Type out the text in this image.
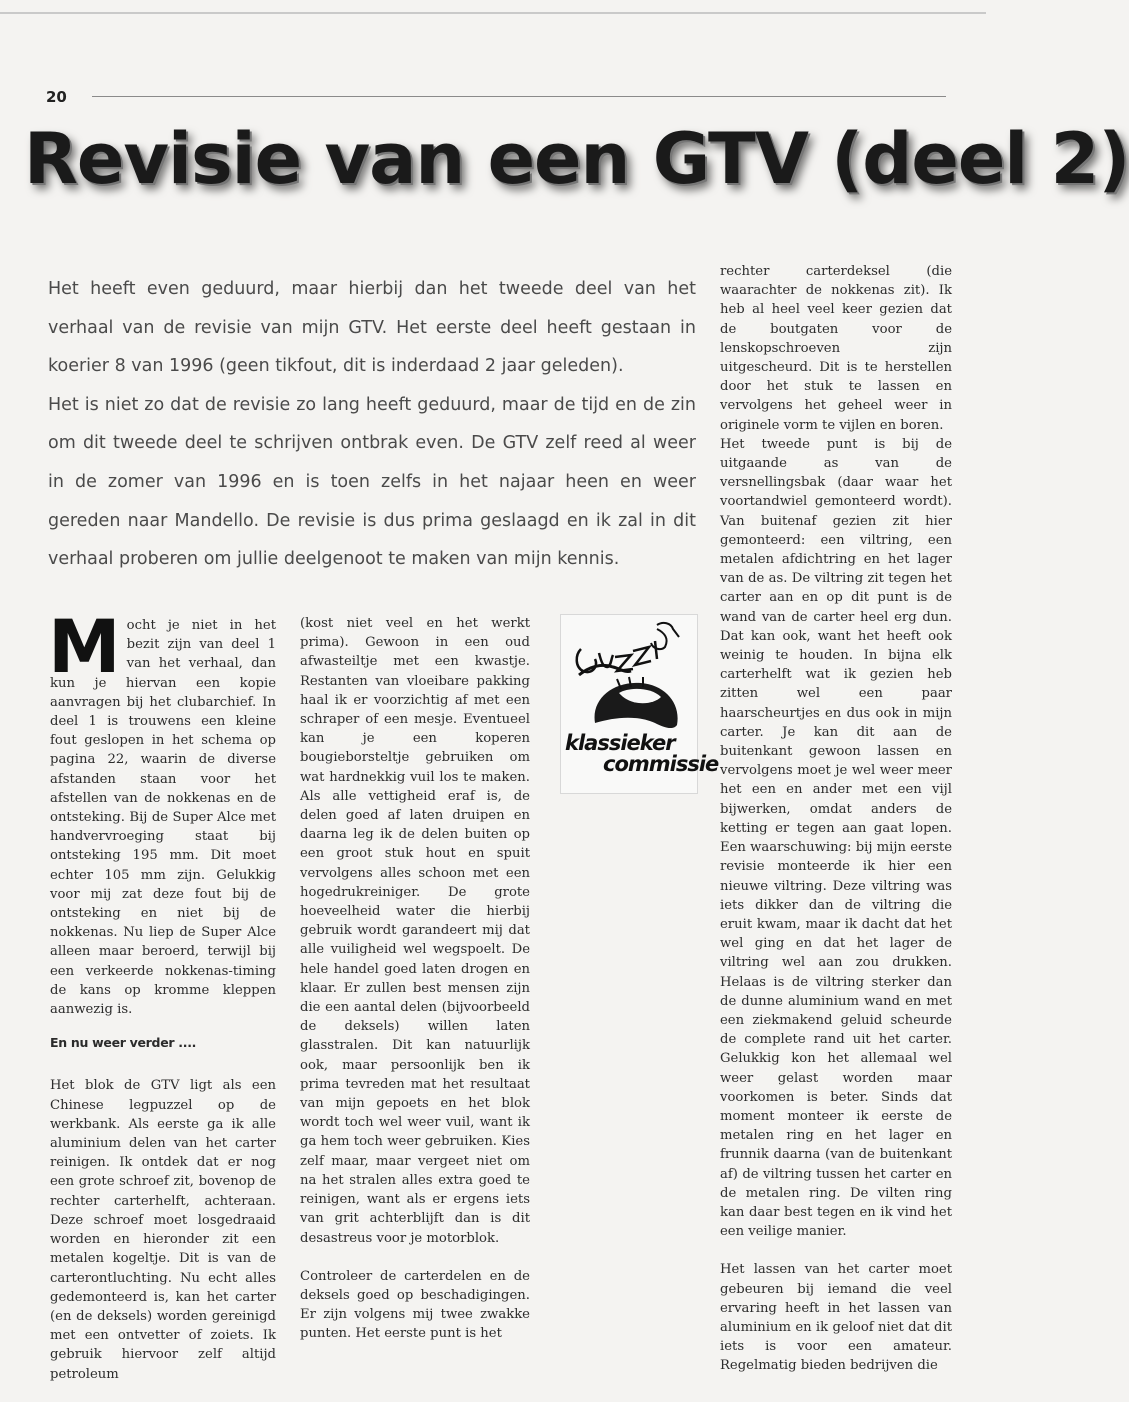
20
Revisie van een GTV (deel 2)

Het heeft even geduurd, maar hierbij dan het tweede deel van het verhaal van de revisie van mijn GTV. Het eerste deel heeft gestaan in koerier 8 van 1996 (geen tikfout, dit is inderdaad 2 jaar geleden).

Het is niet zo dat de revisie zo lang heeft geduurd, maar de tijd en de zin om dit tweede deel te schrijven ontbrak even. De GTV zelf reed al weer in de zomer van 1996 en is toen zelfs in het najaar heen en weer gereden naar Mandello. De revisie is dus prima geslaagd en ik zal in dit verhaal proberen om jullie deelgenoot te maken van mijn kennis.

Mocht je niet in het bezit zijn van deel 1 van het verhaal, dan kun je hiervan een kopie aanvragen bij het clubarchief. In deel 1 is trouwens een kleine fout geslopen in het schema op pagina 22, waarin de diverse afstanden staan voor het afstellen van de nokkenas en de ontsteking. Bij de Super Alce met handvervroeging staat bij ontsteking 195 mm. Dit moet echter 105 mm zijn. Gelukkig voor mij zat deze fout bij de ontsteking en niet bij de nokkenas. Nu liep de Super Alce alleen maar beroerd, terwijl bij een verkeerde nokkenas-timing de kans op kromme kleppen aanwezig is.

En nu weer verder ....

Het blok de GTV ligt als een Chinese legpuzzel op de werkbank. Als eerste ga ik alle aluminium delen van het carter reinigen. Ik ontdek dat er nog een grote schroef zit, bovenop de rechter carterhelft, achteraan. Deze schroef moet losgedraaid worden en hieronder zit een metalen kogeltje. Dit is van de carterontluchting. Nu echt alles gedemonteerd is, kan het carter (en de deksels) worden gereinigd met een ontvetter of zoiets. Ik gebruik hiervoor zelf altijd petroleum

(kost niet veel en het werkt prima). Gewoon in een oud afwasteiltje met een kwastje. Restanten van vloeibare pakking haal ik er voorzichtig af met een schraper of een mesje. Eventueel kan je een koperen bougieborsteltje gebruiken om wat hardnekkig vuil los te maken. Als alle vettigheid eraf is, de delen goed af laten druipen en daarna leg ik de delen buiten op een groot stuk hout en spuit vervolgens alles schoon met een hogedrukreiniger. De grote hoeveelheid water die hierbij gebruik wordt garandeert mij dat alle vuiligheid wel wegspoelt. De hele handel goed laten drogen en klaar. Er zullen best mensen zijn die een aantal delen (bijvoorbeeld de deksels) willen laten glasstralen. Dit kan natuurlijk ook, maar persoonlijk ben ik prima tevreden mat het resultaat van mijn gepoets en het blok wordt toch wel weer vuil, want ik ga hem toch weer gebruiken. Kies zelf maar, maar vergeet niet om na het stralen alles extra goed te reinigen, want als er ergens iets van grit achterblijft dan is dit desastreus voor je motorblok.

Controleer de carterdelen en de deksels goed op beschadigingen. Er zijn volgens mij twee zwakke punten. Het eerste punt is het

klassieker
commissie

rechter carterdeksel (die waarachter de nokkenas zit). Ik heb al heel veel keer gezien dat de boutgaten voor de lenskopschroeven zijn uitgescheurd. Dit is te herstellen door het stuk te lassen en vervolgens het geheel weer in originele vorm te vijlen en boren.

Het tweede punt is bij de uitgaande as van de versnellingsbak (daar waar het voortandwiel gemonteerd wordt). Van buitenaf gezien zit hier gemonteerd: een viltring, een metalen afdichtring en het lager van de as. De viltring zit tegen het carter aan en op dit punt is de wand van de carter heel erg dun. Dat kan ook, want het heeft ook weinig te houden. In bijna elk carterhelft wat ik gezien heb zitten wel een paar haarscheurtjes en dus ook in mijn carter. Je kan dit aan de buitenkant gewoon lassen en vervolgens moet je wel weer meer het een en ander met een vijl bijwerken, omdat anders de ketting er tegen aan gaat lopen. Een waarschuwing: bij mijn eerste revisie monteerde ik hier een nieuwe viltring. Deze viltring was iets dikker dan de viltring die eruit kwam, maar ik dacht dat het wel ging en dat het lager de viltring wel aan zou drukken. Helaas is de viltring sterker dan de dunne aluminium wand en met een ziekmakend geluid scheurde de complete rand uit het carter. Gelukkig kon het allemaal wel weer gelast worden maar voorkomen is beter. Sinds dat moment monteer ik eerste de metalen ring en het lager en frunnik daarna (van de buitenkant af) de viltring tussen het carter en de metalen ring. De vilten ring kan daar best tegen en ik vind het een veilige manier.

Het lassen van het carter moet gebeuren bij iemand die veel ervaring heeft in het lassen van aluminium en ik geloof niet dat dit iets is voor een amateur. Regelmatig bieden bedrijven die
